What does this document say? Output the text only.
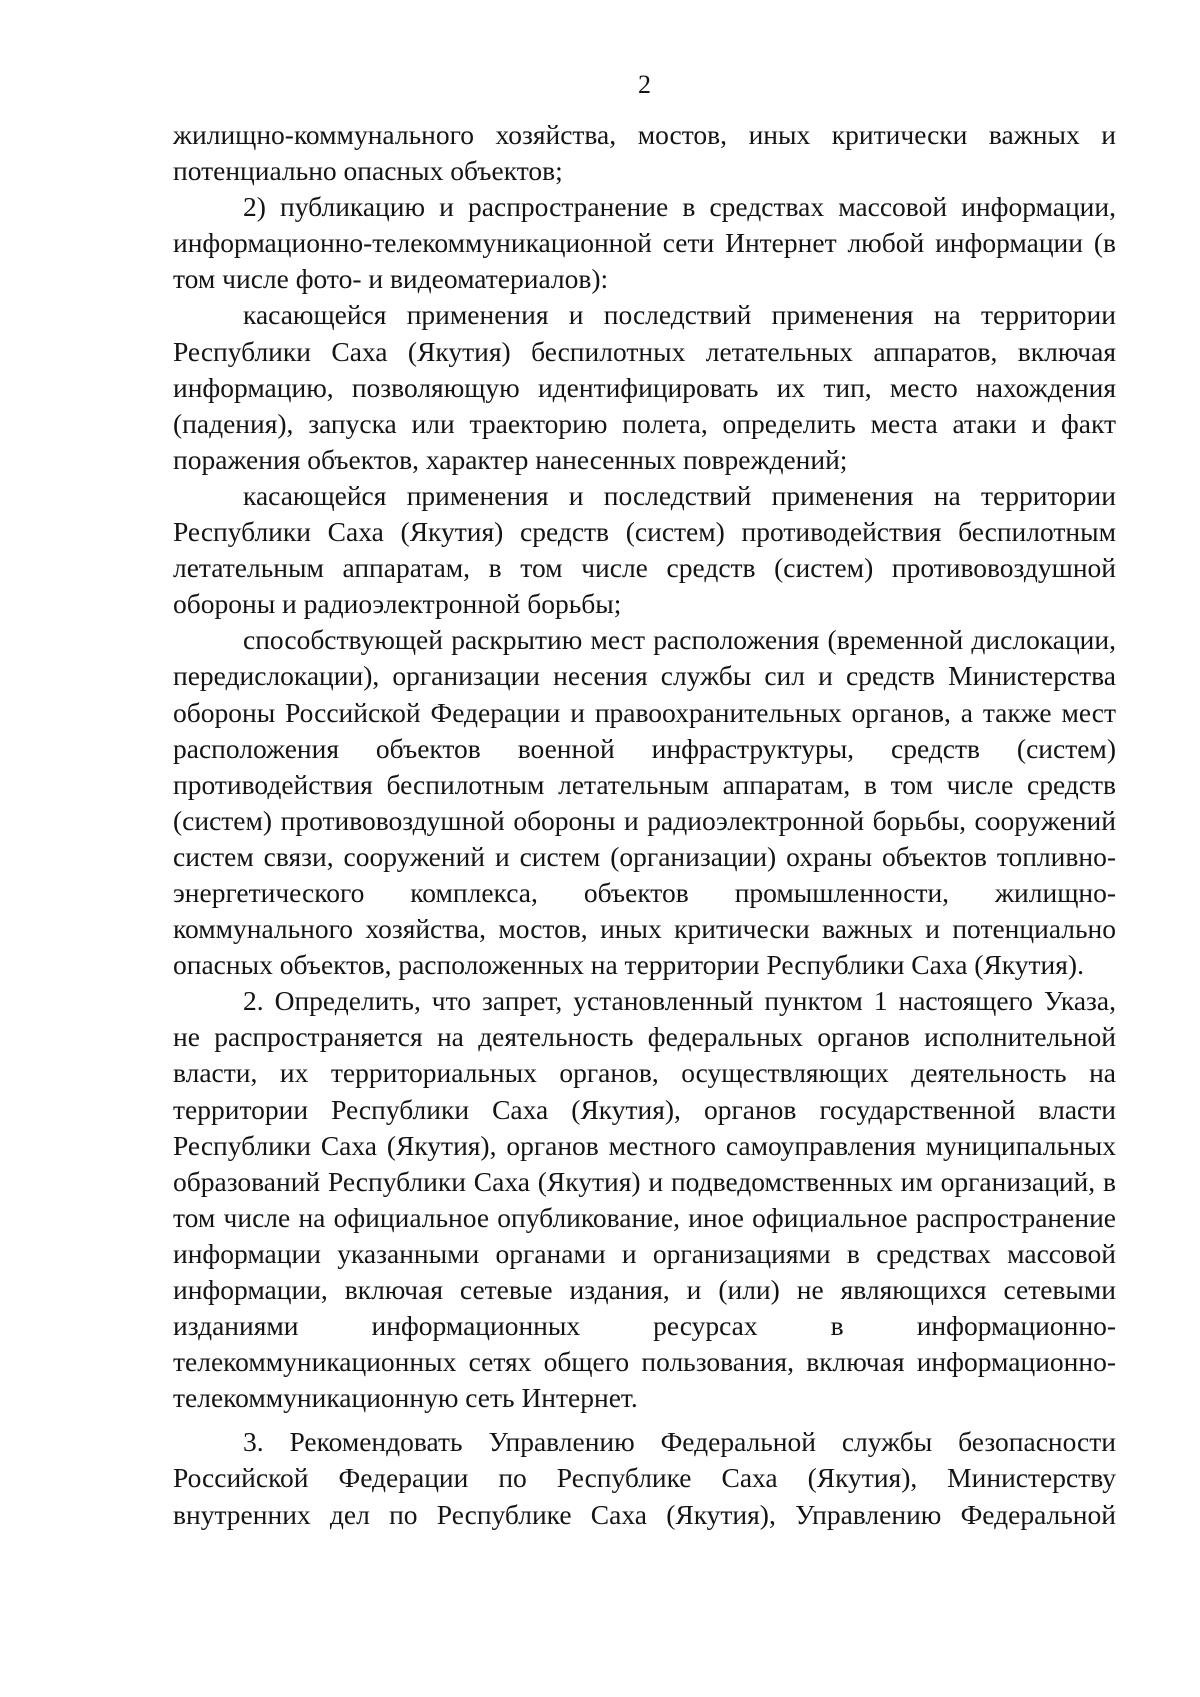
2

жилищно-коммунального хозяйства, мостов, иных критически важных и потенциально опасных объектов;

2) публикацию и распространение в средствах массовой информации, информационно-телекоммуникационной сети Интернет любой информации (в том числе фото- и видеоматериалов):

касающейся применения и последствий применения на территории Республики Саха (Якутия) беспилотных летательных аппаратов, включая информацию, позволяющую идентифицировать их тип, место нахождения (падения), запуска или траекторию полета, определить места атаки и факт поражения объектов, характер нанесенных повреждений;

касающейся применения и последствий применения на территории Республики Саха (Якутия) средств (систем) противодействия беспилотным летательным аппаратам, в том числе средств (систем) противовоздушной обороны и радиоэлектронной борьбы;

способствующей раскрытию мест расположения (временной дислокации, передислокации), организации несения службы сил и средств Министерства обороны Российской Федерации и правоохранительных органов, а также мест расположения объектов военной инфраструктуры, средств (систем) противодействия беспилотным летательным аппаратам, в том числе средств (систем) противовоздушной обороны и радиоэлектронной борьбы, сооружений систем связи, сооружений и систем (организации) охраны объектов топливно-энергетического комплекса, объектов промышленности, жилищно-коммунального хозяйства, мостов, иных критически важных и потенциально опасных объектов, расположенных на территории Республики Саха (Якутия).

2. Определить, что запрет, установленный пунктом 1 настоящего Указа, не распространяется на деятельность федеральных органов исполнительной власти, их территориальных органов, осуществляющих деятельность на территории Республики Саха (Якутия), органов государственной власти Республики Саха (Якутия), органов местного самоуправления муниципальных образований Республики Саха (Якутия) и подведомственных им организаций, в том числе на официальное опубликование, иное официальное распространение информации указанными органами и организациями в средствах массовой информации, включая сетевые издания, и (или) не являющихся сетевыми изданиями информационных ресурсах в информационно-телекоммуникационных сетях общего пользования, включая информационно-телекоммуникационную сеть Интернет.

3. Рекомендовать Управлению Федеральной службы безопасности Российской Федерации по Республике Саха (Якутия), Министерству внутренних дел по Республике Саха (Якутия), Управлению Федеральной
